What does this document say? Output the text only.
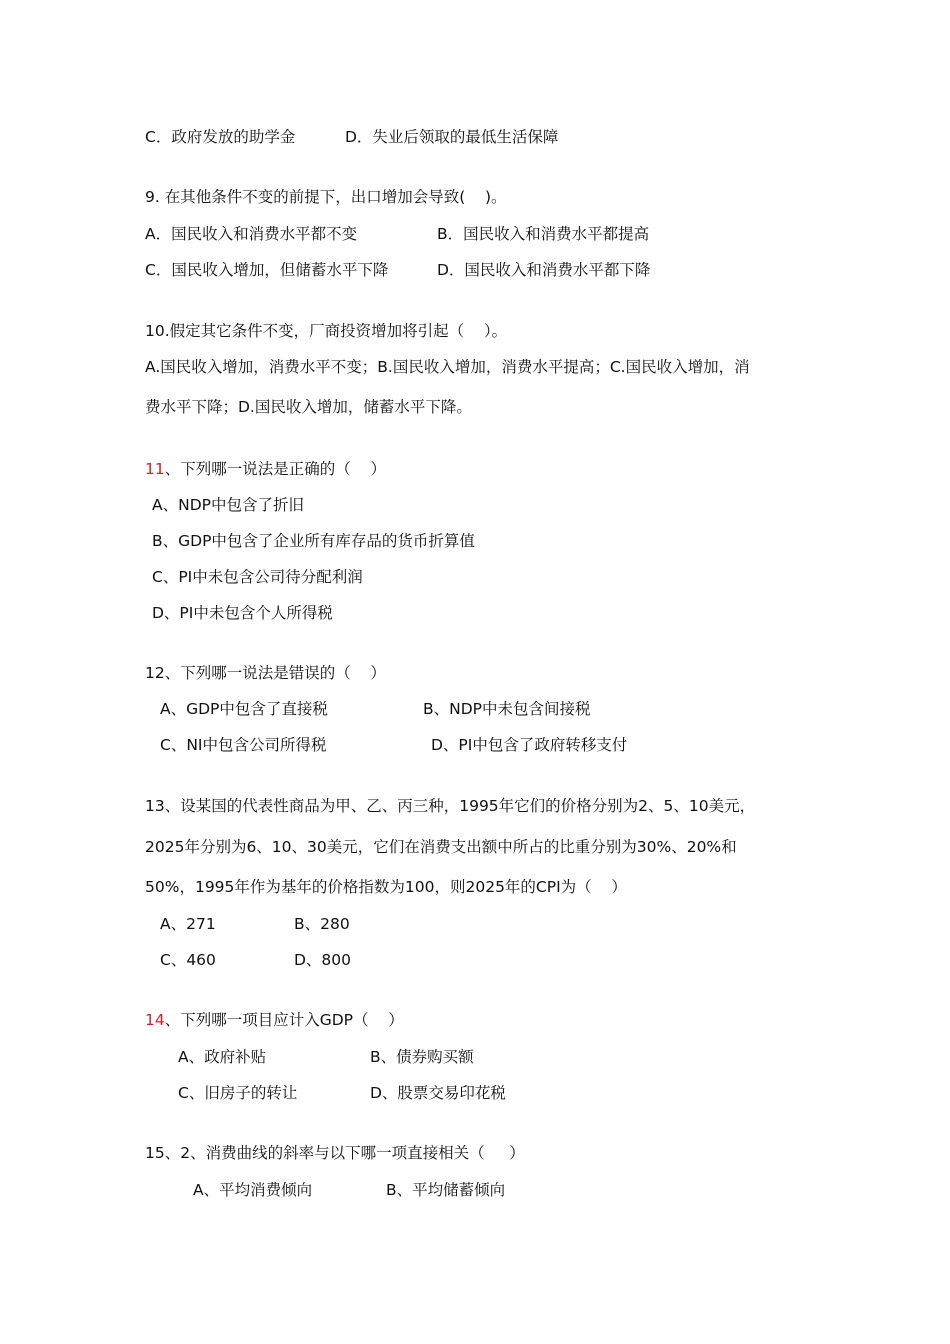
C．政府发放的助学金	D．失业后领取的最低生活保障
9. 在其他条件不变的前提下，出口增加会导致(    )。
A．国民收入和消费水平都不变	B．国民收入和消费水平都提高
C．国民收入增加，但储蓄水平下降	D．国民收入和消费水平都下降
10.假定其它条件不变，厂商投资增加将引起（    ）。
A.国民收入增加，消费水平不变；B.国民收入增加，消费水平提高；C.国民收入增加，消
费水平下降；D.国民收入增加，储蓄水平下降。
11、下列哪一说法是正确的（    ）
A、NDP中包含了折旧
B、GDP中包含了企业所有库存品的货币折算值
C、PI中未包含公司待分配利润
D、PI中未包含个人所得税
12、下列哪一说法是错误的（    ）
A、GDP中包含了直接税	B、NDP中未包含间接税
C、NI中包含公司所得税	D、PI中包含了政府转移支付
13、设某国的代表性商品为甲、乙、丙三种，1995年它们的价格分别为2、5、10美元，
2025年分别为6、10、30美元，它们在消费支出额中所占的比重分别为30%、20%和
50%，1995年作为基年的价格指数为100，则2025年的CPI为（    ）
A、271	B、280
C、460	D、800
14、下列哪一项目应计入GDP（    ）
A、政府补贴	B、债券购买额
C、旧房子的转让	D、股票交易印花税
15、2、消费曲线的斜率与以下哪一项直接相关（     ）
A、平均消费倾向	B、平均储蓄倾向
